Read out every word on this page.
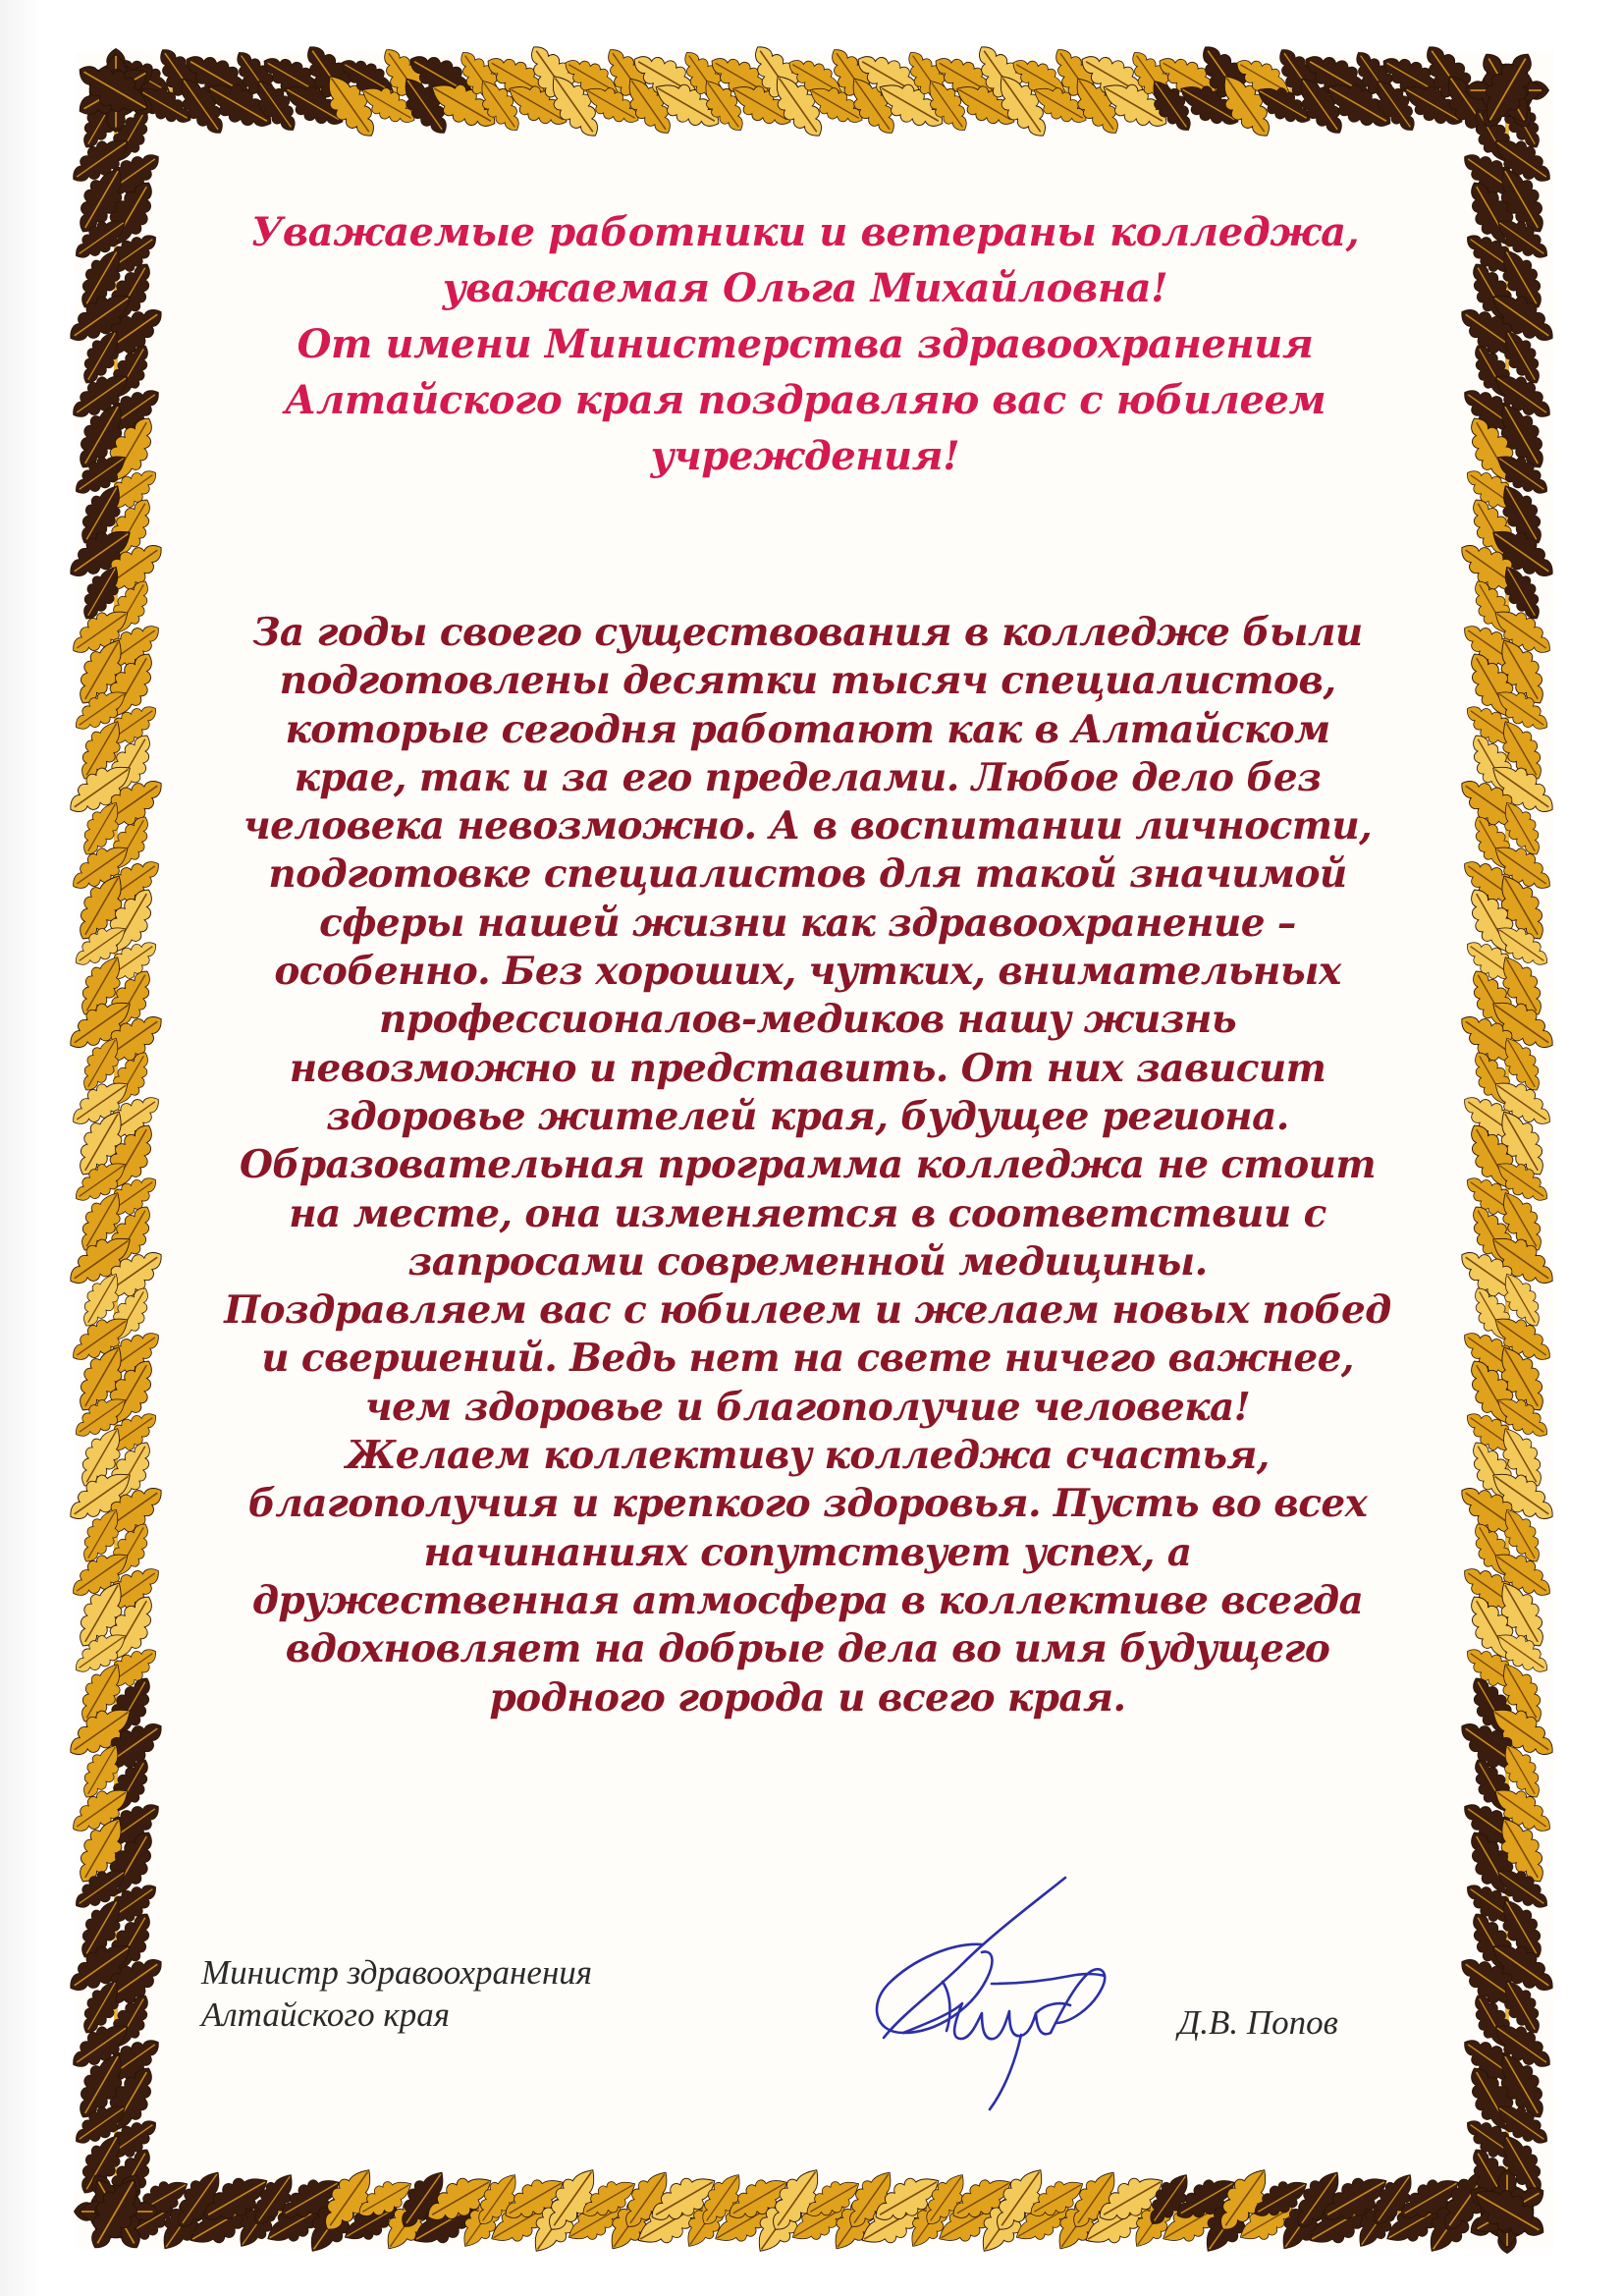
Уважаемые работники и ветераны колледжа,
уважаемая Ольга Михайловна!
От имени Министерства здравоохранения
Алтайского края поздравляю вас с юбилеем
учреждения!

За годы своего существования в колледже были
подготовлены десятки тысяч специалистов,
которые сегодня работают как в Алтайском
крае, так и за его пределами. Любое дело без
человека невозможно. А в воспитании личности,
подготовке специалистов для такой значимой
сферы нашей жизни как здравоохранение –
особенно. Без хороших, чутких, внимательных
профессионалов-медиков нашу жизнь
невозможно и представить. От них зависит
здоровье жителей края, будущее региона.
Образовательная программа колледжа не стоит
на месте, она изменяется в соответствии с
запросами современной медицины.
Поздравляем вас с юбилеем и желаем новых побед
и свершений. Ведь нет на свете ничего важнее,
чем здоровье и благополучие человека!
Желаем коллективу колледжа счастья,
благополучия и крепкого здоровья. Пусть во всех
начинаниях сопутствует успех, а
дружественная атмосфера в коллективе всегда
вдохновляет на добрые дела во имя будущего
родного города и всего края.

Министр здравоохранения
Алтайского края	Д.В. Попов
